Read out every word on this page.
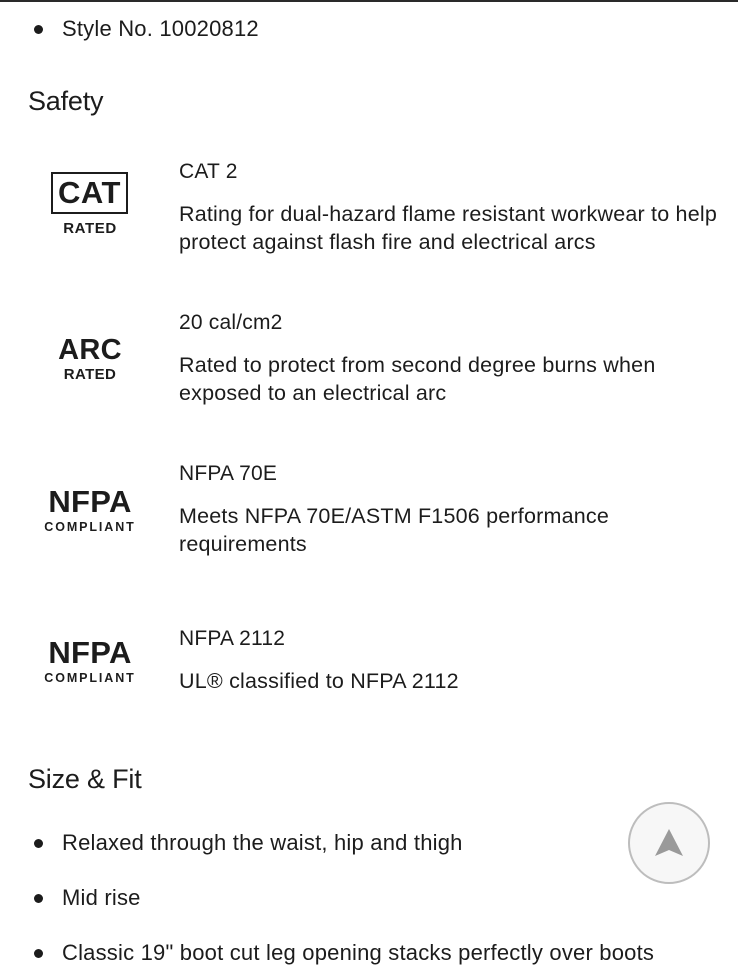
Style No. 10020812
Safety
CAT
RATED
CAT 2
Rating for dual-hazard flame resistant workwear to help protect against flash fire and electrical arcs
ARC
RATED
20 cal/cm2
Rated to protect from second degree burns when exposed to an electrical arc
NFPA
COMPLIANT
NFPA 70E
Meets NFPA 70E/ASTM F1506 performance requirements
NFPA
COMPLIANT
NFPA 2112
UL® classified to NFPA 2112
Size & Fit
Relaxed through the waist, hip and thigh
Mid rise
Classic 19" boot cut leg opening stacks perfectly over boots
